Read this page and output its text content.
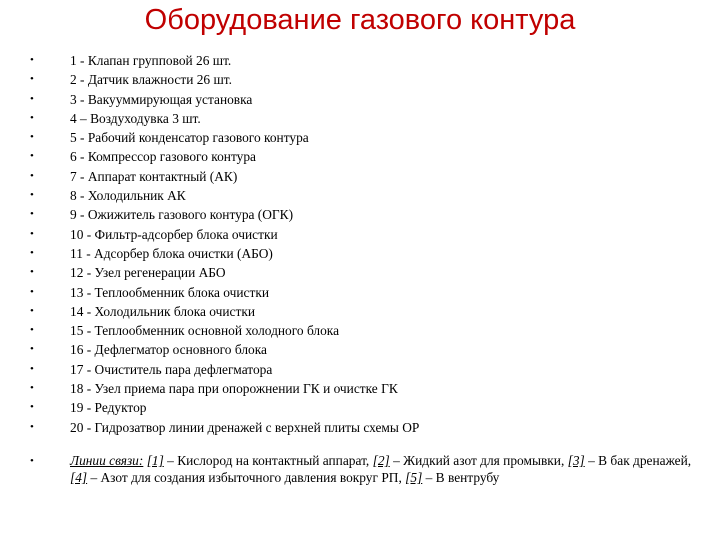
Оборудование газового контура
•	1 - Клапан групповой 26 шт.
•	2 - Датчик влажности 26 шт.
•	3 - Вакууммирующая установка
•	4 – Воздуходувка 3 шт.
•	5 - Рабочий конденсатор газового контура
•	6 - Компрессор газового контура
•	7 - Аппарат контактный (АК)
•	8 - Холодильник АК
•	9 - Ожижитель газового контура (ОГК)
•	10 - Фильтр-адсорбер блока очистки
•	11 - Адсорбер блока очистки (АБО)
•	12 - Узел регенерации АБО
•	13 - Теплообменник блока очистки
•	14 - Холодильник блока очистки
•	15 - Теплообменник основной холодного блока
•	16 - Дефлегматор основного блока
•	17 - Очиститель пара дефлегматора
•	18 - Узел приема пара при опорожнении ГК и очистке ГК
•	19 - Редуктор
•	20 - Гидрозатвор линии дренажей с верхней плиты схемы ОР
•	Линии связи: [1] – Кислород на контактный аппарат, [2] – Жидкий азот для промывки, [3] – В бак дренажей, [4] – Азот для создания избыточного давления вокруг РП, [5] – В вентрубу
